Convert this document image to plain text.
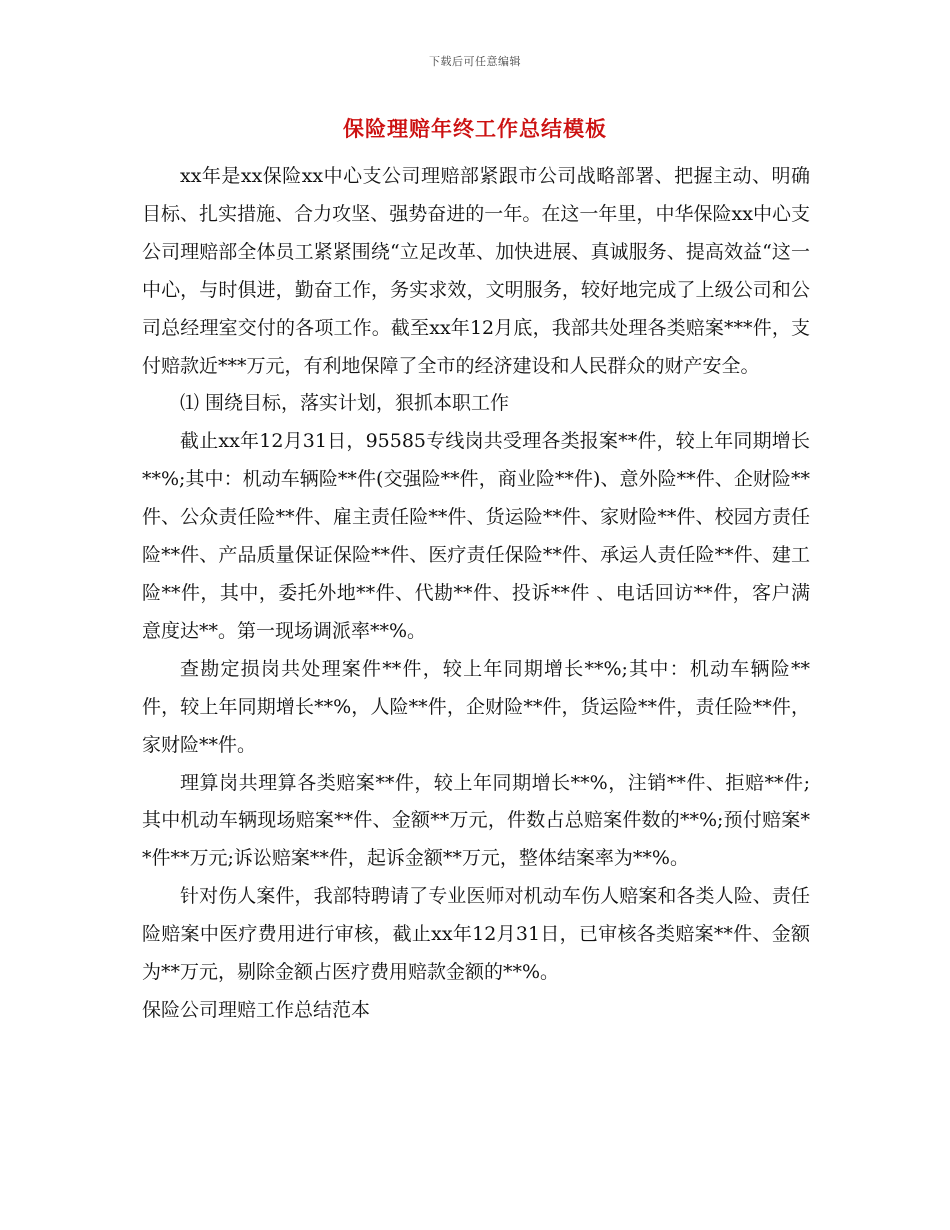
下载后可任意编辑
保险理赔年终工作总结模板

xx年是xx保险xx中心支公司理赔部紧跟市公司战略部署、把握主动、明确目标、扎实措施、合力攻坚、强势奋进的一年。在这一年里，中华保险xx中心支公司理赔部全体员工紧紧围绕“立足改革、加快进展、真诚服务、提高效益“这一中心，与时俱进，勤奋工作，务实求效，文明服务，较好地完成了上级公司和公司总经理室交付的各项工作。截至xx年12月底，我部共处理各类赔案***件，支付赔款近***万元，有利地保障了全市的经济建设和人民群众的财产安全。

⑴ 围绕目标，落实计划，狠抓本职工作

截止xx年12月31日，95585专线岗共受理各类报案**件，较上年同期增长**%;其中：机动车辆险**件(交强险**件，商业险**件)、意外险**件、企财险**件、公众责任险**件、雇主责任险**件、货运险**件、家财险**件、校园方责任险**件、产品质量保证保险**件、医疗责任保险**件、承运人责任险**件、建工险**件，其中，委托外地**件、代勘**件、投诉**件 、电话回访**件，客户满意度达**。第一现场调派率**%。

查勘定损岗共处理案件**件，较上年同期增长**%;其中：机动车辆险**件，较上年同期增长**%，人险**件，企财险**件，货运险**件，责任险**件，家财险**件。

理算岗共理算各类赔案**件，较上年同期增长**%，注销**件、拒赔**件;其中机动车辆现场赔案**件、金额**万元，件数占总赔案件数的**%;预付赔案**件**万元;诉讼赔案**件，起诉金额**万元，整体结案率为**%。

针对伤人案件，我部特聘请了专业医师对机动车伤人赔案和各类人险、责任险赔案中医疗费用进行审核，截止xx年12月31日，已审核各类赔案**件、金额为**万元，剔除金额占医疗费用赔款金额的**%。

保险公司理赔工作总结范本
